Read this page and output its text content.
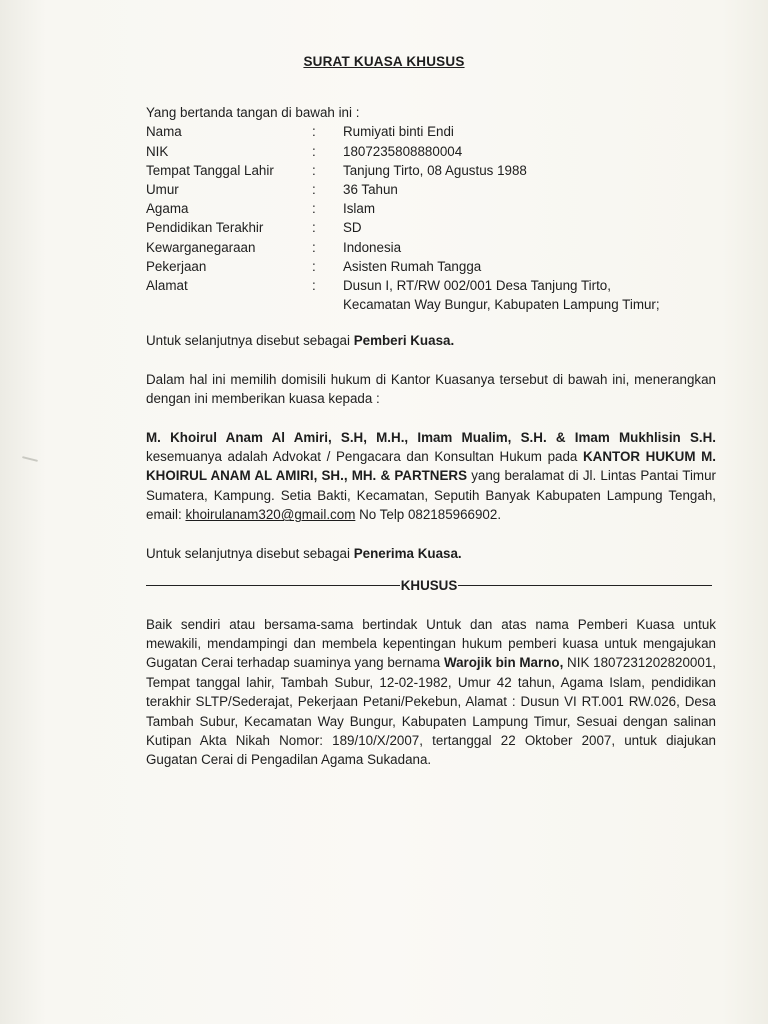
SURAT KUASA KHUSUS

Yang bertanda tangan di bawah ini :

Nama	:	Rumiyati binti Endi
NIK	:	1807235808880004
Tempat Tanggal Lahir	:	Tanjung Tirto, 08 Agustus 1988
Umur	:	36 Tahun
Agama	:	Islam
Pendidikan Terakhir	:	SD
Kewarganegaraan	:	Indonesia
Pekerjaan	:	Asisten Rumah Tangga
Alamat	:	Dusun I, RT/RW 002/001 Desa Tanjung Tirto,
Kecamatan Way Bungur, Kabupaten Lampung Timur;

Untuk selanjutnya disebut sebagai Pemberi Kuasa.

Dalam hal ini memilih domisili hukum di Kantor Kuasanya tersebut di bawah ini, menerangkan dengan ini memberikan kuasa kepada :

M. Khoirul Anam Al Amiri, S.H, M.H., Imam Mualim, S.H. & Imam Mukhlisin S.H. kesemuanya adalah Advokat / Pengacara dan Konsultan Hukum pada KANTOR HUKUM M. KHOIRUL ANAM AL AMIRI, SH., MH. & PARTNERS yang beralamat di Jl. Lintas Pantai Timur Sumatera, Kampung. Setia Bakti, Kecamatan, Seputih Banyak Kabupaten Lampung Tengah, email: khoirulanam320@gmail.com No Telp 082185966902.

Untuk selanjutnya disebut sebagai Penerima Kuasa.

KHUSUS

Baik sendiri atau bersama-sama bertindak Untuk dan atas nama Pemberi Kuasa untuk mewakili, mendampingi dan membela kepentingan hukum pemberi kuasa untuk mengajukan Gugatan Cerai terhadap suaminya yang bernama Warojik bin Marno, NIK 1807231202820001, Tempat tanggal lahir, Tambah Subur, 12-02-1982, Umur 42 tahun, Agama Islam, pendidikan terakhir SLTP/Sederajat, Pekerjaan Petani/Pekebun, Alamat : Dusun VI RT.001 RW.026, Desa Tambah Subur, Kecamatan Way Bungur, Kabupaten Lampung Timur, Sesuai dengan salinan Kutipan Akta Nikah Nomor: 189/10/X/2007, tertanggal 22 Oktober 2007, untuk diajukan Gugatan Cerai di Pengadilan Agama Sukadana.
